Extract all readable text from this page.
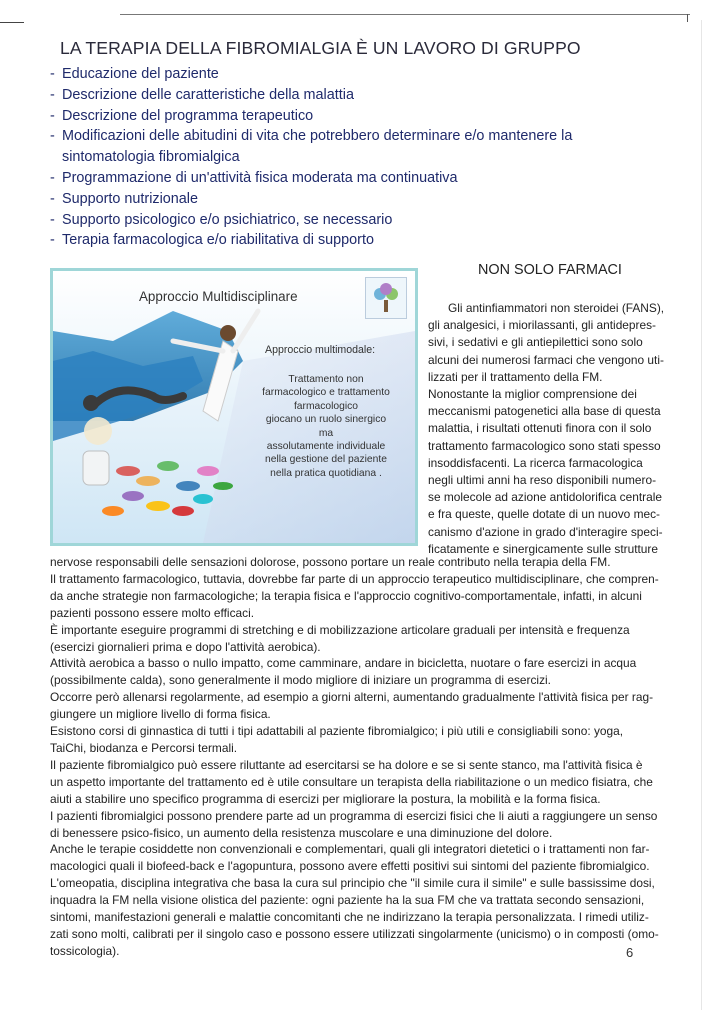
LA TERAPIA DELLA FIBROMIALGIA È UN LAVORO DI GRUPPO
- Educazione del paziente
- Descrizione delle caratteristiche della malattia
- Descrizione del programma terapeutico
- Modificazioni delle abitudini di vita che potrebbero determinare e/o mantenere la
sintomatologia fibromialgica
- Programmazione di un'attività fisica moderata ma continuativa
- Supporto nutrizionale
- Supporto psicologico e/o psichiatrico, se necessario
- Terapia farmacologica e/o riabilitativa di supporto
Approccio Multidisciplinare
Approccio multimodale:
Trattamento non
farmacologico e trattamento
farmacologico
giocano un ruolo sinergico
ma
assolutamente individuale
nella gestione del paziente
nella pratica quotidiana .
NON SOLO FARMACI

Gli antinfiammatori non steroidei (FANS),
gli analgesici, i miorilassanti, gli antidepres-
sivi, i sedativi e gli antiepilettici sono solo
alcuni dei numerosi farmaci che vengono uti-
lizzati per il trattamento della FM.
Nonostante la miglior comprensione dei
meccanismi patogenetici alla base di questa
malattia, i risultati ottenuti finora con il solo
trattamento farmacologico sono stati spesso
insoddisfacenti. La ricerca farmacologica
negli ultimi anni ha reso disponibili numero-
se molecole ad azione antidolorifica centrale
e fra queste, quelle dotate di un nuovo mec-
canismo d'azione in grado d'interagire speci-
ficatamente e sinergicamente sulle strutture

nervose responsabili delle sensazioni dolorose, possono portare un reale contributo nella terapia della FM.
Il trattamento farmacologico, tuttavia, dovrebbe far parte di un approccio terapeutico multidisciplinare, che compren-
da anche strategie non farmacologiche; la terapia fisica e l'approccio cognitivo-comportamentale, infatti, in alcuni
pazienti possono essere molto efficaci.
È importante eseguire programmi di stretching e di mobilizzazione articolare graduali per intensità e frequenza
(esercizi giornalieri prima e dopo l'attività aerobica).
Attività aerobica a basso o nullo impatto, come camminare, andare in bicicletta, nuotare o fare esercizi in acqua
(possibilmente calda), sono generalmente il modo migliore di iniziare un programma di esercizi.
Occorre però allenarsi regolarmente, ad esempio a giorni alterni, aumentando gradualmente l'attività fisica per rag-
giungere un migliore livello di forma fisica.
Esistono corsi di ginnastica di tutti i tipi adattabili al paziente fibromialgico; i più utili e consigliabili sono: yoga,
TaiChi, biodanza e Percorsi termali.
Il paziente fibromialgico può essere riluttante ad esercitarsi se ha dolore e se si sente stanco, ma l'attività fisica è
un aspetto importante del trattamento ed è utile consultare un terapista della riabilitazione o un medico fisiatra, che
aiuti a stabilire uno specifico programma di esercizi per migliorare la postura, la mobilità e la forma fisica.
I pazienti fibromialgici possono prendere parte ad un programma di esercizi fisici che li aiuti a raggiungere un senso
di benessere psico-fisico, un aumento della resistenza muscolare e una diminuzione del dolore.
Anche le terapie cosiddette non convenzionali e complementari, quali gli integratori dietetici o i trattamenti non far-
macologici quali il biofeed-back e l'agopuntura, possono avere effetti positivi sui sintomi del paziente fibromialgico.
L'omeopatia, disciplina integrativa che basa la cura sul principio che "il simile cura il simile" e sulle bassissime dosi,
inquadra la FM nella visione olistica del paziente: ogni paziente ha la sua FM che va trattata secondo sensazioni,
sintomi, manifestazioni generali e malattie concomitanti che ne indirizzano la terapia personalizzata. I rimedi utiliz-
zati sono molti, calibrati per il singolo caso e possono essere utilizzati singolarmente (unicismo) o in composti (omo-
tossicologia).	6
